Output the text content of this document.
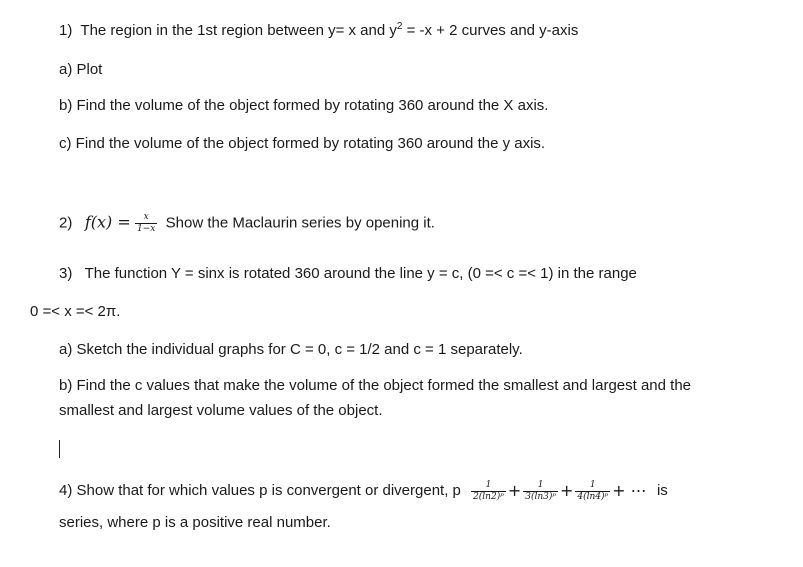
1) The region in the 1st region between y= x and $y^2 = -x + 2$ curves and y-axis
a) Plot
b) Find the volume of the object formed by rotating 360 around the X axis.
c) Find the volume of the object formed by rotating 360 around the y axis.
2) $f(x) = \frac{x}{1-x}$ Show the Maclaurin series by opening it.
3) The function Y = sinx is rotated 360 around the line y = c, (0 =< c =< 1) in the range
0 =< x =< 2π.
a) Sketch the individual graphs for C = 0, c = 1/2 and c = 1 separately.
b) Find the c values that make the volume of the object formed the smallest and largest and the
smallest and largest volume values of the object.
4) Show that for which values p is convergent or divergent, p $\frac{1}{\text{2(ln2)ᵖ}} + \frac{1}{\text{3(ln3)ᵖ}} + \frac{1}{\text{4(ln4)ᵖ}}$ + ⋯ is
series, where p is a positive real number.
